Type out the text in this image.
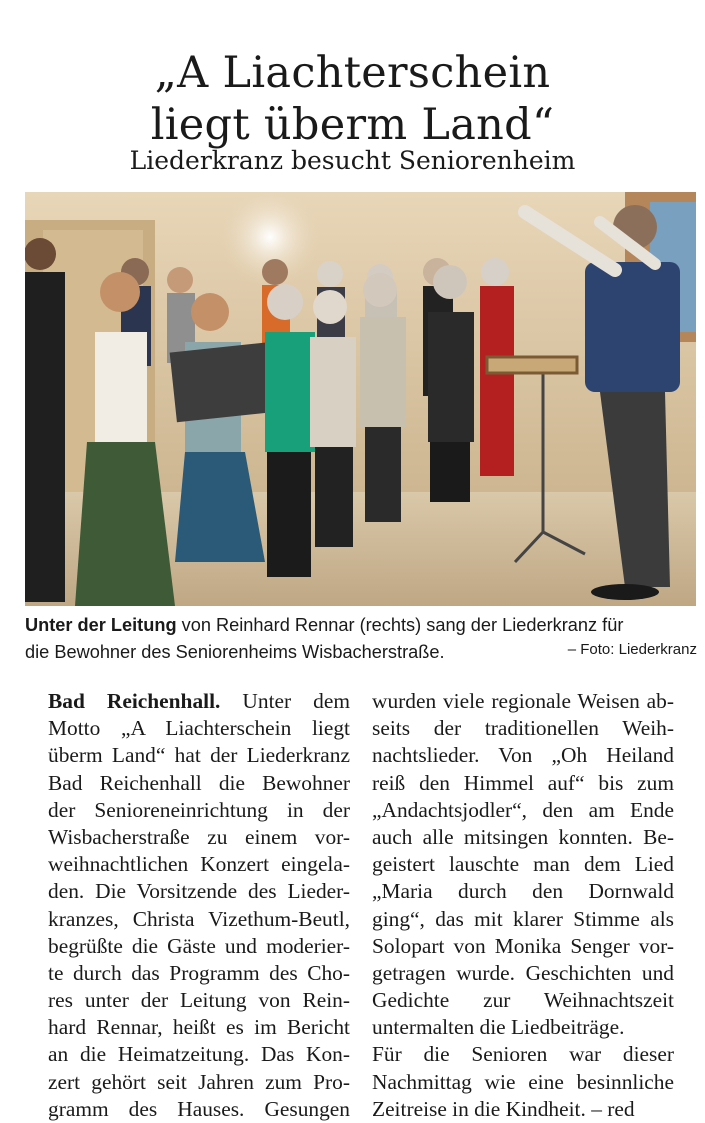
„A Liachterschein
liegt überm Land“
Liederkranz besucht Seniorenheim
Unter der Leitung von Reinhard Rennar (rechts) sang der Liederkranz für
die Bewohner des Seniorenheims Wisbacherstraße.	– Foto: Liederkranz
Bad Reichenhall. Unter dem
Motto „A Liachterschein liegt
überm Land“ hat der Liederkranz
Bad Reichenhall die Bewohner
der Senioreneinrichtung in der
Wisbacherstraße zu einem vor-
weihnachtlichen Konzert eingela-
den. Die Vorsitzende des Lieder-
kranzes, Christa Vizethum-Beutl,
begrüßte die Gäste und moderier-
te durch das Programm des Cho-
res unter der Leitung von Rein-
hard Rennar, heißt es im Bericht
an die Heimatzeitung. Das Kon-
zert gehört seit Jahren zum Pro-
gramm des Hauses. Gesungen
wurden viele regionale Weisen ab-
seits der traditionellen Weih-
nachtslieder. Von „Oh Heiland
reiß den Himmel auf“ bis zum
„Andachtsjodler“, den am Ende
auch alle mitsingen konnten. Be-
geistert lauschte man dem Lied
„Maria durch den Dornwald
ging“, das mit klarer Stimme als
Solopart von Monika Senger vor-
getragen wurde. Geschichten und
Gedichte zur Weihnachtszeit
untermalten die Liedbeiträge.
Für die Senioren war dieser
Nachmittag wie eine besinnliche
Zeitreise in die Kindheit. – red
